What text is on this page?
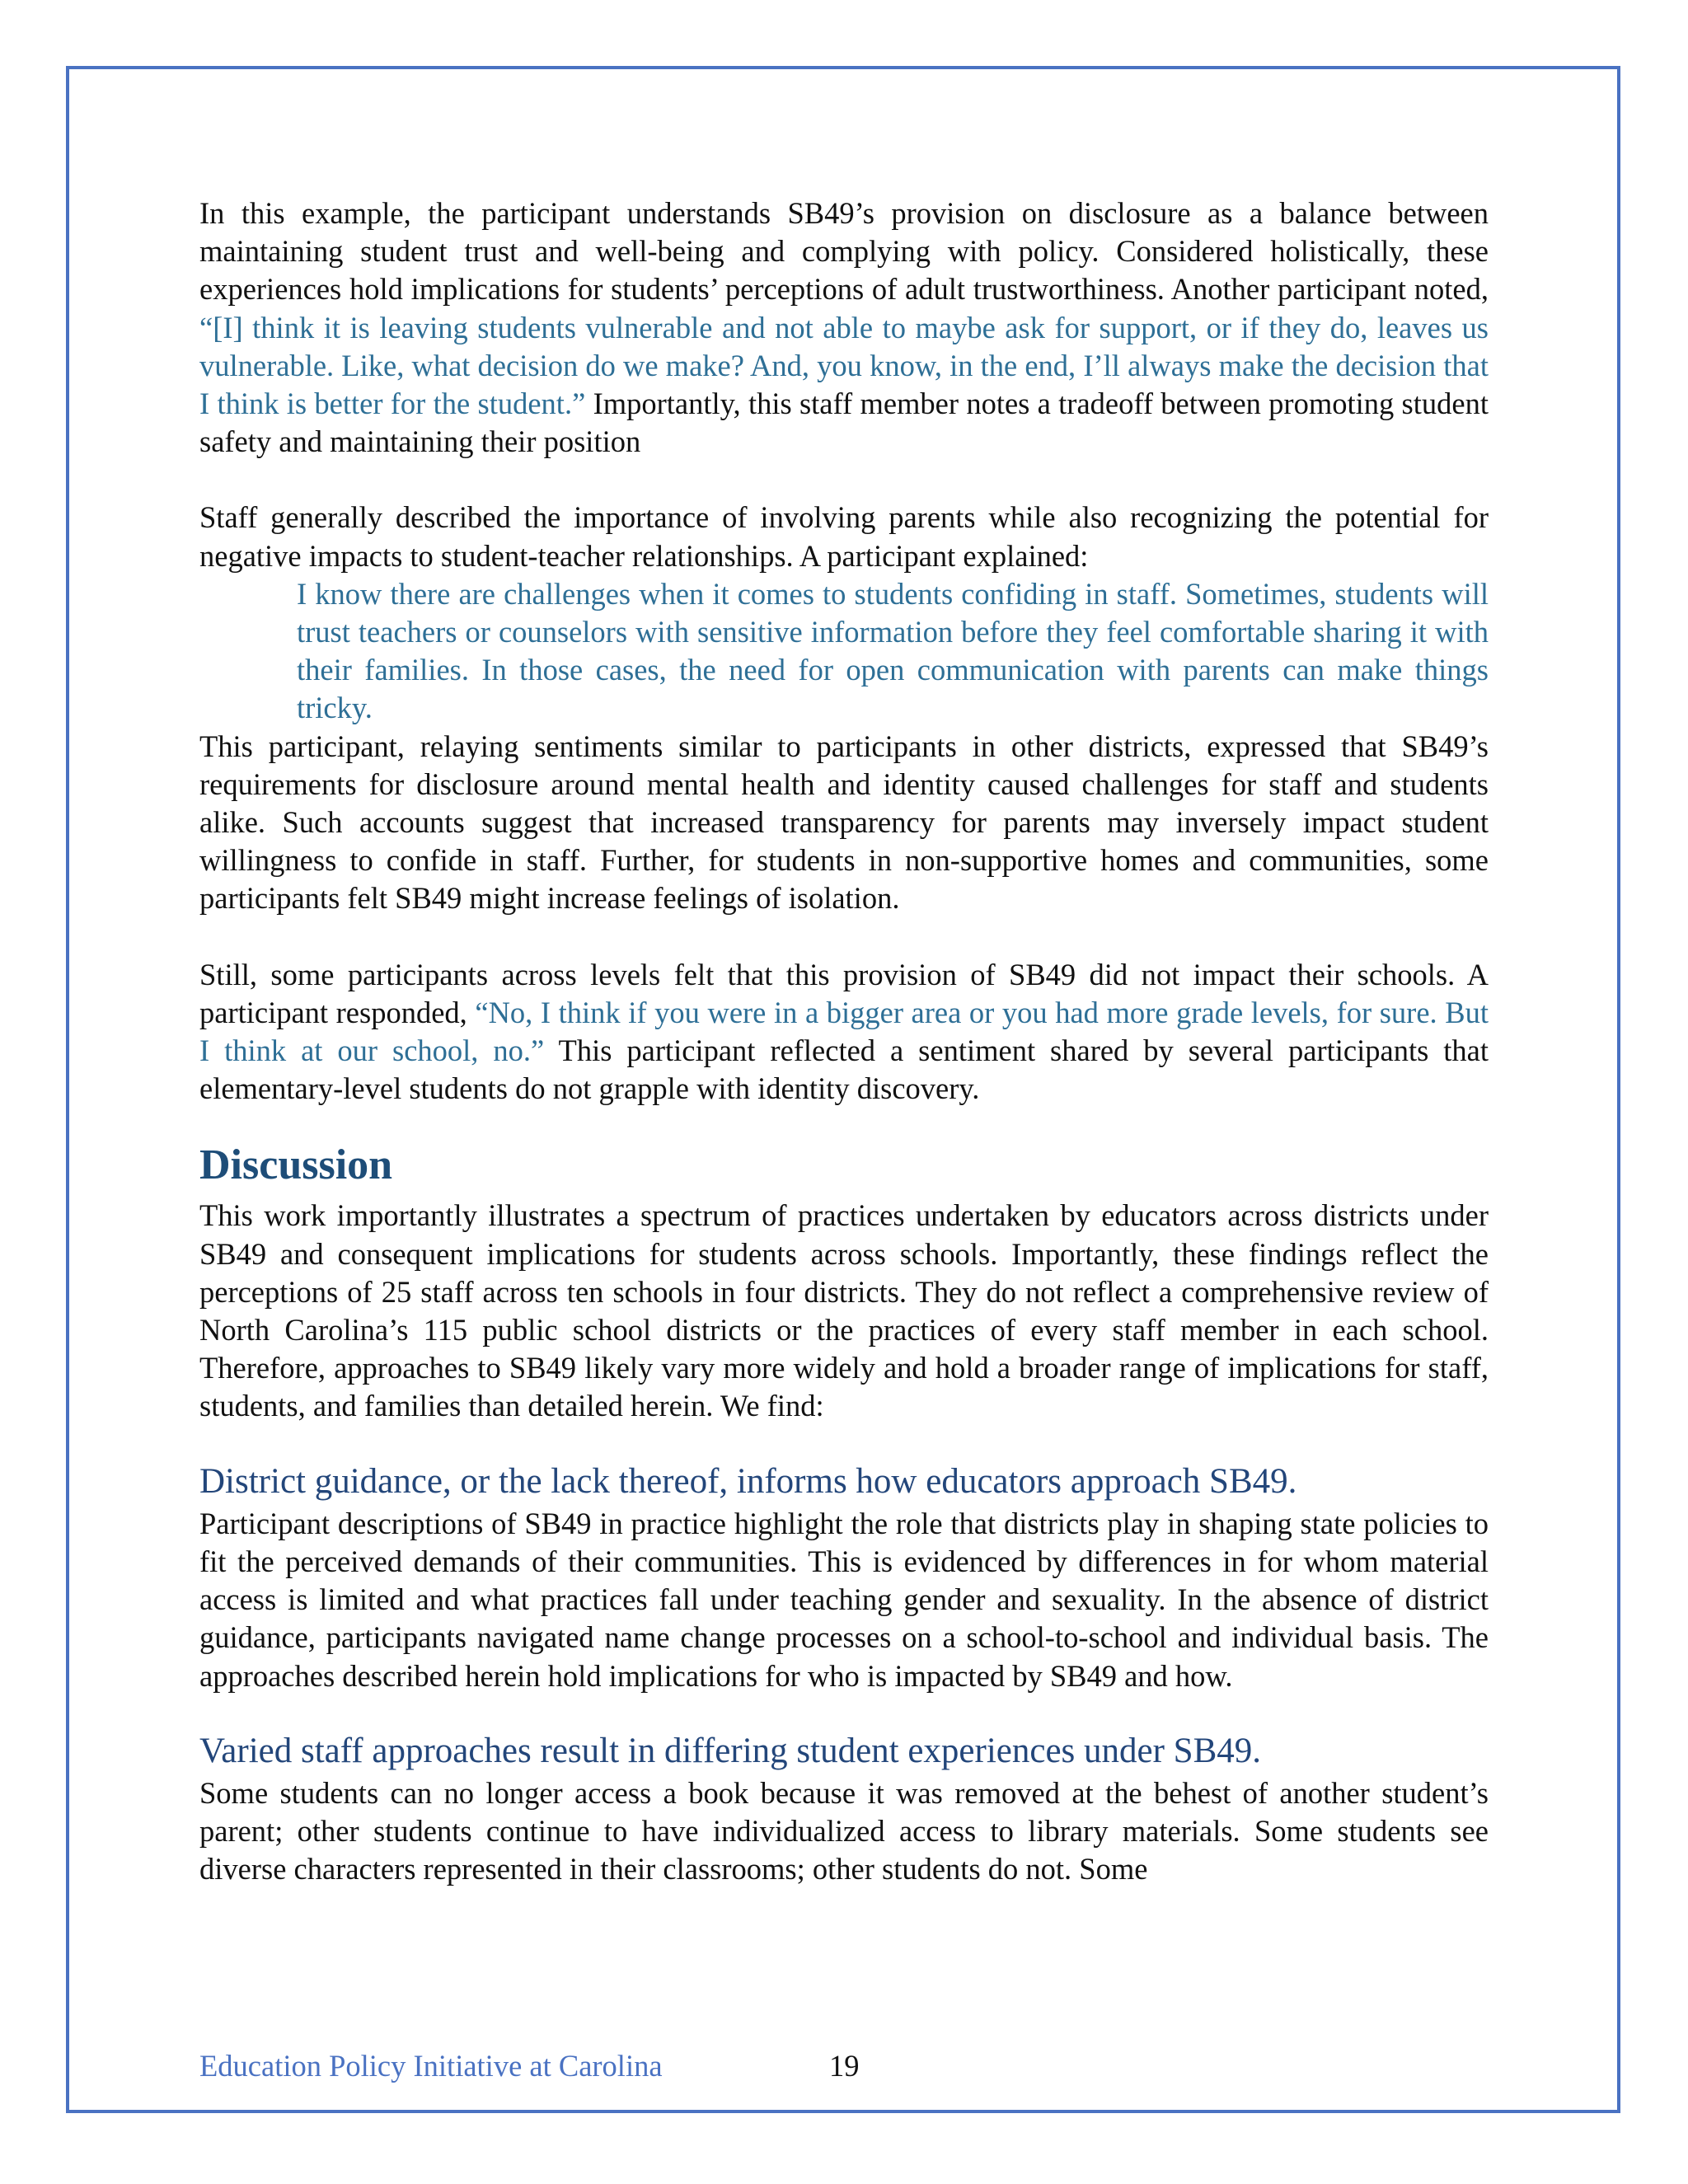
In this example, the participant understands SB49’s provision on disclosure as a balance between maintaining student trust and well-being and complying with policy. Considered holistically, these experiences hold implications for students’ perceptions of adult trustworthiness. Another participant noted, “[I] think it is leaving students vulnerable and not able to maybe ask for support, or if they do, leaves us vulnerable. Like, what decision do we make? And, you know, in the end, I’ll always make the decision that I think is better for the student.” Importantly, this staff member notes a tradeoff between promoting student safety and maintaining their position

Staff generally described the importance of involving parents while also recognizing the potential for negative impacts to student-teacher relationships. A participant explained:

I know there are challenges when it comes to students confiding in staff. Sometimes, students will trust teachers or counselors with sensitive information before they feel comfortable sharing it with their families. In those cases, the need for open communication with parents can make things tricky.

This participant, relaying sentiments similar to participants in other districts, expressed that SB49’s requirements for disclosure around mental health and identity caused challenges for staff and students alike. Such accounts suggest that increased transparency for parents may inversely impact student willingness to confide in staff. Further, for students in non-supportive homes and communities, some participants felt SB49 might increase feelings of isolation.

Still, some participants across levels felt that this provision of SB49 did not impact their schools. A participant responded, “No, I think if you were in a bigger area or you had more grade levels, for sure. But I think at our school, no.” This participant reflected a sentiment shared by several participants that elementary-level students do not grapple with identity discovery.

Discussion

This work importantly illustrates a spectrum of practices undertaken by educators across districts under SB49 and consequent implications for students across schools. Importantly, these findings reflect the perceptions of 25 staff across ten schools in four districts. They do not reflect a comprehensive review of North Carolina’s 115 public school districts or the practices of every staff member in each school. Therefore, approaches to SB49 likely vary more widely and hold a broader range of implications for staff, students, and families than detailed herein. We find:

District guidance, or the lack thereof, informs how educators approach SB49.

Participant descriptions of SB49 in practice highlight the role that districts play in shaping state policies to fit the perceived demands of their communities. This is evidenced by differences in for whom material access is limited and what practices fall under teaching gender and sexuality. In the absence of district guidance, participants navigated name change processes on a school-to-school and individual basis. The approaches described herein hold implications for who is impacted by SB49 and how.

Varied staff approaches result in differing student experiences under SB49.

Some students can no longer access a book because it was removed at the behest of another student’s parent; other students continue to have individualized access to library materials. Some students see diverse characters represented in their classrooms; other students do not. Some

Education Policy Initiative at Carolina	19
